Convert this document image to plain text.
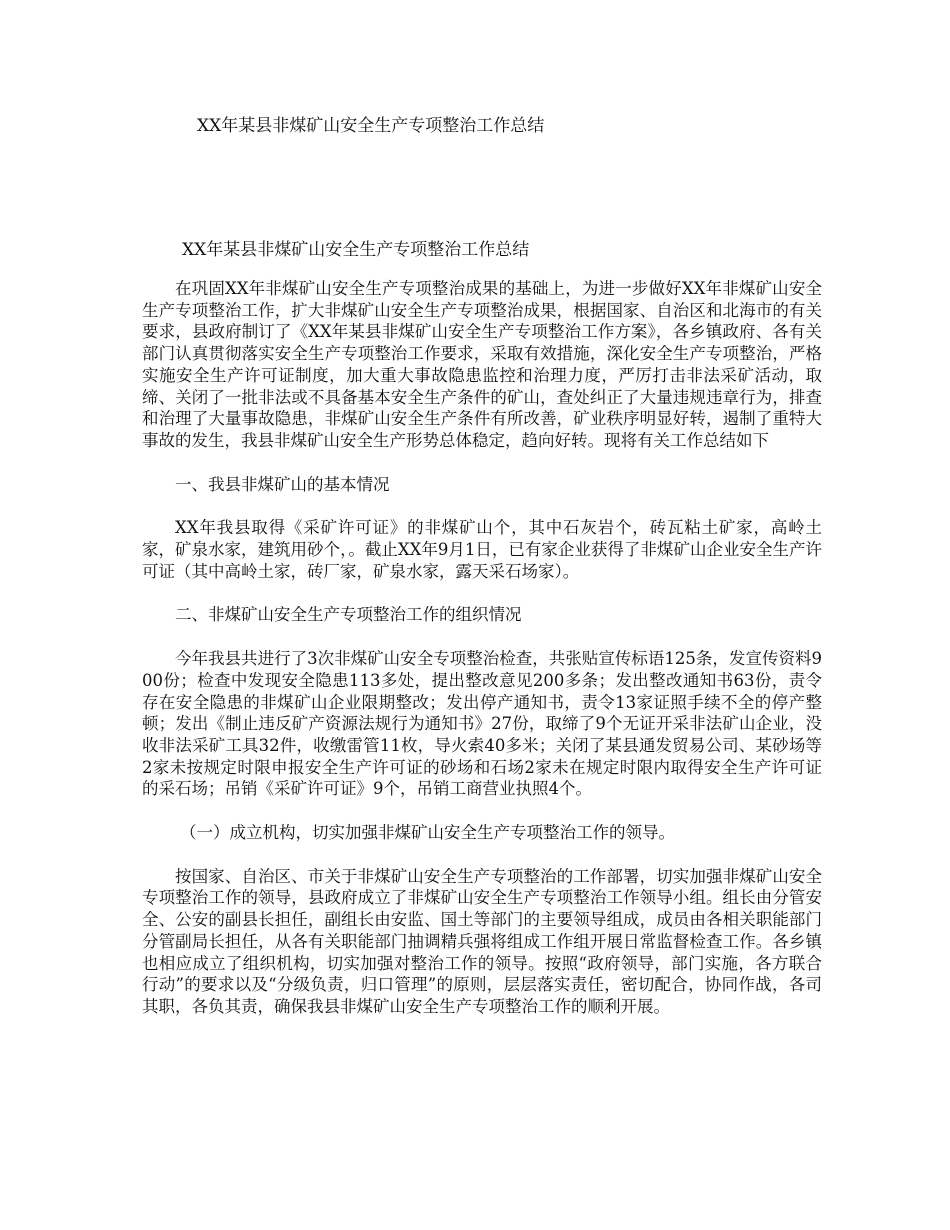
XX年某县非煤矿山安全生产专项整治工作总结
XX年某县非煤矿山安全生产专项整治工作总结

在巩固XX年非煤矿山安全生产专项整治成果的基础上，为进一步做好XX年非煤矿山安全生产专项整治工作，扩大非煤矿山安全生产专项整治成果，根据国家、自治区和北海市的有关要求，县政府制订了《XX年某县非煤矿山安全生产专项整治工作方案》，各乡镇政府、各有关部门认真贯彻落实安全生产专项整治工作要求，采取有效措施，深化安全生产专项整治，严格实施安全生产许可证制度，加大重大事故隐患监控和治理力度，严厉打击非法采矿活动，取缔、关闭了一批非法或不具备基本安全生产条件的矿山，查处纠正了大量违规违章行为，排查和治理了大量事故隐患，非煤矿山安全生产条件有所改善，矿业秩序明显好转，遏制了重特大事故的发生，我县非煤矿山安全生产形势总体稳定，趋向好转。现将有关工作总结如下

一、我县非煤矿山的基本情况

XX年我县取得《采矿许可证》的非煤矿山个，其中石灰岩个，砖瓦粘土矿家，高岭土家，矿泉水家，建筑用砂个，。截止XX年9月1日，已有家企业获得了非煤矿山企业安全生产许可证（其中高岭土家，砖厂家，矿泉水家，露天采石场家）。

二、非煤矿山安全生产专项整治工作的组织情况

今年我县共进行了3次非煤矿山安全专项整治检查，共张贴宣传标语125条，发宣传资料900份；检查中发现安全隐患113多处，提出整改意见200多条；发出整改通知书63份，责令存在安全隐患的非煤矿山企业限期整改；发出停产通知书，责令13家证照手续不全的停产整顿；发出《制止违反矿产资源法规行为通知书》27份，取缔了9个无证开采非法矿山企业，没收非法采矿工具32件，收缴雷管11枚，导火索40多米；关闭了某县通发贸易公司、某砂场等2家未按规定时限申报安全生产许可证的砂场和石场2家未在规定时限内取得安全生产许可证的采石场；吊销《采矿许可证》9个，吊销工商营业执照4个。

（一）成立机构，切实加强非煤矿山安全生产专项整治工作的领导。

按国家、自治区、市关于非煤矿山安全生产专项整治的工作部署，切实加强非煤矿山安全专项整治工作的领导，县政府成立了非煤矿山安全生产专项整治工作领导小组。组长由分管安全、公安的副县长担任，副组长由安监、国土等部门的主要领导组成，成员由各相关职能部门分管副局长担任，从各有关职能部门抽调精兵强将组成工作组开展日常监督检查工作。各乡镇也相应成立了组织机构，切实加强对整治工作的领导。按照“政府领导，部门实施，各方联合行动”的要求以及“分级负责，归口管理”的原则，层层落实责任，密切配合，协同作战，各司其职，各负其责，确保我县非煤矿山安全生产专项整治工作的顺利开展。
